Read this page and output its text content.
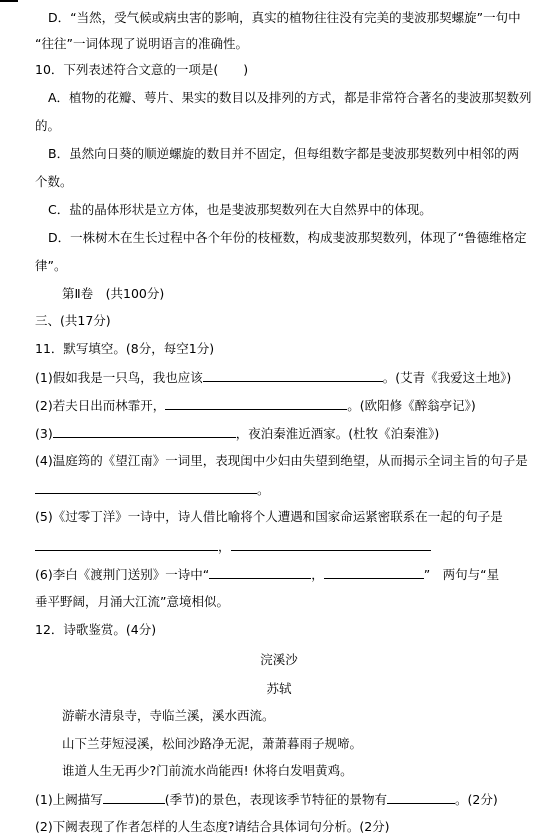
D．“当然，受气候或病虫害的影响，真实的植物往往没有完美的斐波那契螺旋”一句中
“往往”一词体现了说明语言的准确性。
10．下列表述符合文意的一项是(　　)
A．植物的花瓣、萼片、果实的数目以及排列的方式，都是非常符合著名的斐波那契数列
的。
B．虽然向日葵的顺逆螺旋的数目并不固定，但每组数字都是斐波那契数列中相邻的两
个数。
C．盐的晶体形状是立方体，也是斐波那契数列在大自然界中的体现。
D．一株树木在生长过程中各个年份的枝桠数，构成斐波那契数列，体现了“鲁德维格定
律”。
第Ⅱ卷　(共100分)
三、(共17分)
11．默写填空。(8分，每空1分)
(1)假如我是一只鸟，我也应该	。(艾青《我爱这土地》)
(2)若夫日出而林霏开，	。(欧阳修《醉翁亭记》)
(3)	，夜泊秦淮近酒家。(杜牧《泊秦淮》)
(4)温庭筠的《望江南》一词里，表现闺中少妇由失望到绝望，从而揭示全词主旨的句子是
。
(5)《过零丁洋》一诗中，诗人借比喻将个人遭遇和国家命运紧密联系在一起的句子是
，
(6)李白《渡荆门送别》一诗中“	，	”　两句与“星
垂平野阔，月涌大江流”意境相似。
12．诗歌鉴赏。(4分)
浣溪沙
苏轼
游蕲水清泉寺，寺临兰溪，溪水西流。
山下兰芽短浸溪，松间沙路净无泥，萧萧暮雨子规啼。
谁道人生无再少?门前流水尚能西! 休将白发唱黄鸡。
(1)上阙描写	(季节)的景色，表现该季节特征的景物有	。(2分)
(2)下阙表现了作者怎样的人生态度?请结合具体词句分析。(2分)
